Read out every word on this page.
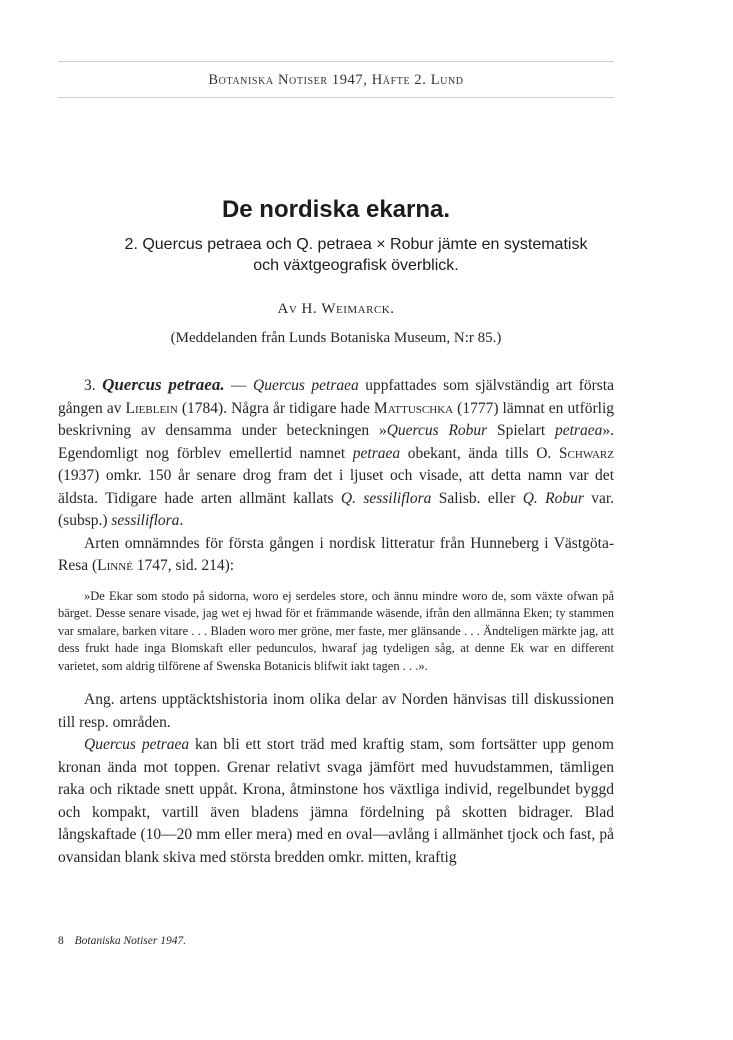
Botaniska Notiser 1947, Häfte 2. Lund
De nordiska ekarna.
2. Quercus petraea och Q. petraea × Robur jämte en systematisk
och växtgeografisk överblick.
Av H. Weimarck.
(Meddelanden från Lunds Botaniska Museum, N:r 85.)

3. Quercus petraea. — Quercus petraea uppfattades som självständig art första gången av Lieblein (1784). Några år tidigare hade Mattuschka (1777) lämnat en utförlig beskrivning av densamma under beteckningen »Quercus Robur Spielart petraea». Egendomligt nog förblev emellertid namnet petraea obekant, ända tills O. Schwarz (1937) omkr. 150 år senare drog fram det i ljuset och visade, att detta namn var det äldsta. Tidigare hade arten allmänt kallats Q. sessiliflora Salisb. eller Q. Robur var. (subsp.) sessiliflora.

Arten omnämndes för första gången i nordisk litteratur från Hunneberg i Västgöta-Resa (Linné 1747, sid. 214):

»De Ekar som stodo på sidorna, woro ej serdeles store, och ännu mindre woro de, som växte ofwan på bärget. Desse senare visade, jag wet ej hwad för et främmande wäsende, ifrån den allmänna Eken; ty stammen var smalare, barken vitare . . . Bladen woro mer gröne, mer faste, mer glänsande . . . Ändteligen märkte jag, att dess frukt hade inga Blomskaft eller pedunculos, hwaraf jag tydeligen såg, at denne Ek war en different varietet, som aldrig tilförene af Swenska Botanicis blifwit iakt tagen . . .».

Ang. artens upptäcktshistoria inom olika delar av Norden hänvisas till diskussionen till resp. områden.

Quercus petraea kan bli ett stort träd med kraftig stam, som fortsätter upp genom kronan ända mot toppen. Grenar relativt svaga jämfört med huvudstammen, tämligen raka och riktade snett uppåt. Krona, åtminstone hos växtliga individ, regelbundet byggd och kompakt, vartill även bladens jämna fördelning på skotten bidrager. Blad långskaftade (10—20 mm eller mera) med en oval—avlång i allmänhet tjock och fast, på ovansidan blank skiva med största bredden omkr. mitten, kraftig

8 Botaniska Notiser 1947.
